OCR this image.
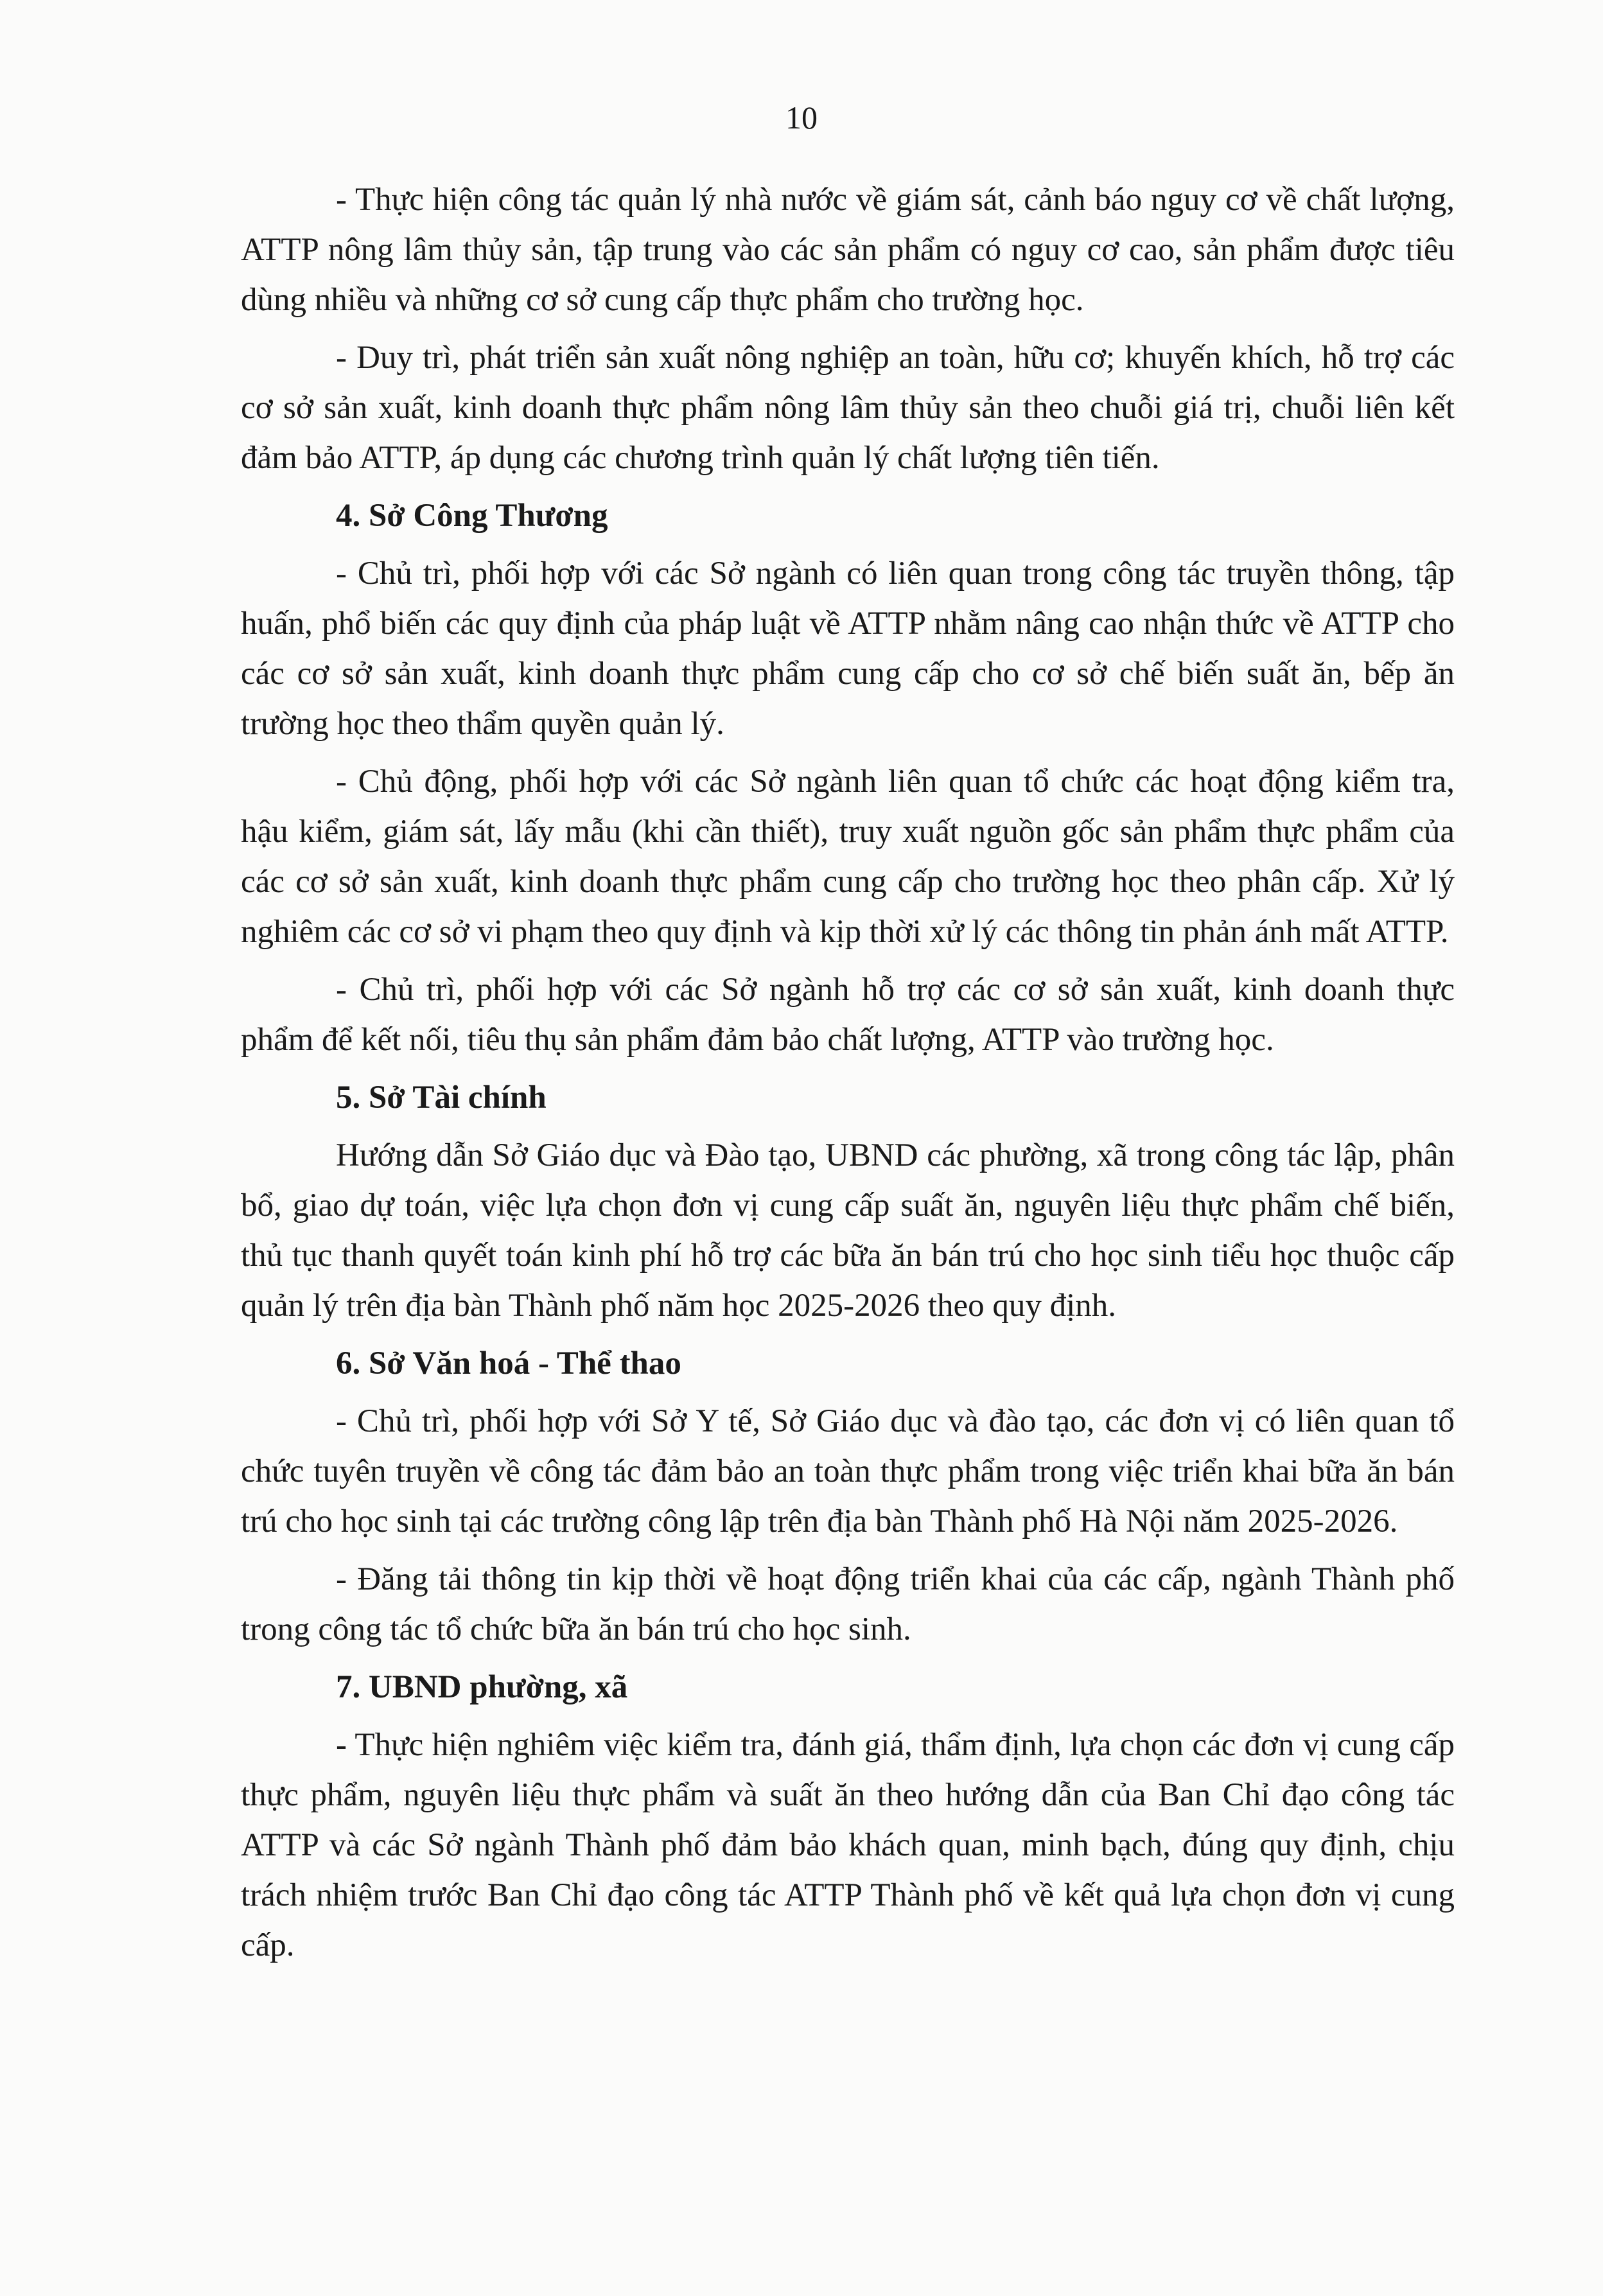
10

- Thực hiện công tác quản lý nhà nước về giám sát, cảnh báo nguy cơ về chất lượng, ATTP nông lâm thủy sản, tập trung vào các sản phẩm có nguy cơ cao, sản phẩm được tiêu dùng nhiều và những cơ sở cung cấp thực phẩm cho trường học.

- Duy trì, phát triển sản xuất nông nghiệp an toàn, hữu cơ; khuyến khích, hỗ trợ các cơ sở sản xuất, kinh doanh thực phẩm nông lâm thủy sản theo chuỗi giá trị, chuỗi liên kết đảm bảo ATTP, áp dụng các chương trình quản lý chất lượng tiên tiến.

4. Sở Công Thương

- Chủ trì, phối hợp với các Sở ngành có liên quan trong công tác truyền thông, tập huấn, phổ biến các quy định của pháp luật về ATTP nhằm nâng cao nhận thức về ATTP cho các cơ sở sản xuất, kinh doanh thực phẩm cung cấp cho cơ sở chế biến suất ăn, bếp ăn trường học theo thẩm quyền quản lý.

- Chủ động, phối hợp với các Sở ngành liên quan tổ chức các hoạt động kiểm tra, hậu kiểm, giám sát, lấy mẫu (khi cần thiết), truy xuất nguồn gốc sản phẩm thực phẩm của các cơ sở sản xuất, kinh doanh thực phẩm cung cấp cho trường học theo phân cấp. Xử lý nghiêm các cơ sở vi phạm theo quy định và kịp thời xử lý các thông tin phản ánh mất ATTP.

- Chủ trì, phối hợp với các Sở ngành hỗ trợ các cơ sở sản xuất, kinh doanh thực phẩm để kết nối, tiêu thụ sản phẩm đảm bảo chất lượng, ATTP vào trường học.

5. Sở Tài chính

Hướng dẫn Sở Giáo dục và Đào tạo, UBND các phường, xã trong công tác lập, phân bổ, giao dự toán, việc lựa chọn đơn vị cung cấp suất ăn, nguyên liệu thực phẩm chế biến, thủ tục thanh quyết toán kinh phí hỗ trợ các bữa ăn bán trú cho học sinh tiểu học thuộc cấp quản lý trên địa bàn Thành phố năm học 2025-2026 theo quy định.

6. Sở Văn hoá - Thể thao

- Chủ trì, phối hợp với Sở Y tế, Sở Giáo dục và đào tạo, các đơn vị có liên quan tổ chức tuyên truyền về công tác đảm bảo an toàn thực phẩm trong việc triển khai bữa ăn bán trú cho học sinh tại các trường công lập trên địa bàn Thành phố Hà Nội năm 2025-2026.

- Đăng tải thông tin kịp thời về hoạt động triển khai của các cấp, ngành Thành phố trong công tác tổ chức bữa ăn bán trú cho học sinh.

7. UBND phường, xã

- Thực hiện nghiêm việc kiểm tra, đánh giá, thẩm định, lựa chọn các đơn vị cung cấp thực phẩm, nguyên liệu thực phẩm và suất ăn theo hướng dẫn của Ban Chỉ đạo công tác ATTP và các Sở ngành Thành phố đảm bảo khách quan, minh bạch, đúng quy định, chịu trách nhiệm trước Ban Chỉ đạo công tác ATTP Thành phố về kết quả lựa chọn đơn vị cung cấp.
